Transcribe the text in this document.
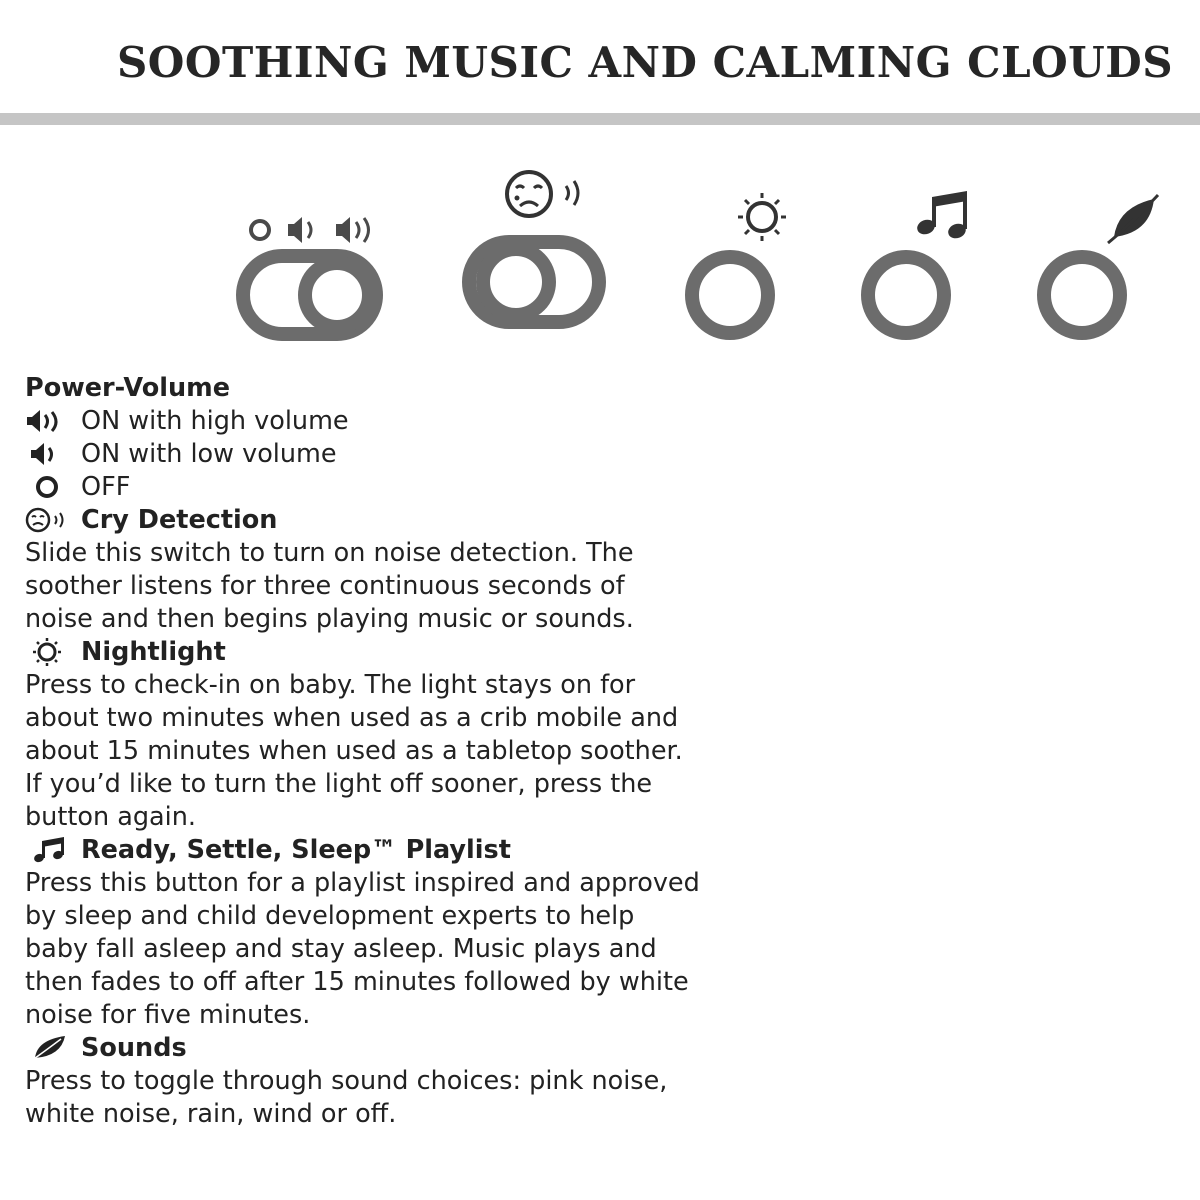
SOOTHING MUSIC AND CALMING CLOUDS
Power-Volume
ON with high volume
ON with low volume
OFF
Cry Detection
Slide this switch to turn on noise detection. The
soother listens for three continuous seconds of
noise and then begins playing music or sounds.
Nightlight
Press to check-in on baby. The light stays on for
about two minutes when used as a crib mobile and
about 15 minutes when used as a tabletop soother.
If you’d like to turn the light off sooner, press the
button again.
Ready, Settle, Sleep™ Playlist
Press this button for a playlist inspired and approved
by sleep and child development experts to help
baby fall asleep and stay asleep. Music plays and
then fades to off after 15 minutes followed by white
noise for five minutes.
Sounds
Press to toggle through sound choices: pink noise,
white noise, rain, wind or off.
